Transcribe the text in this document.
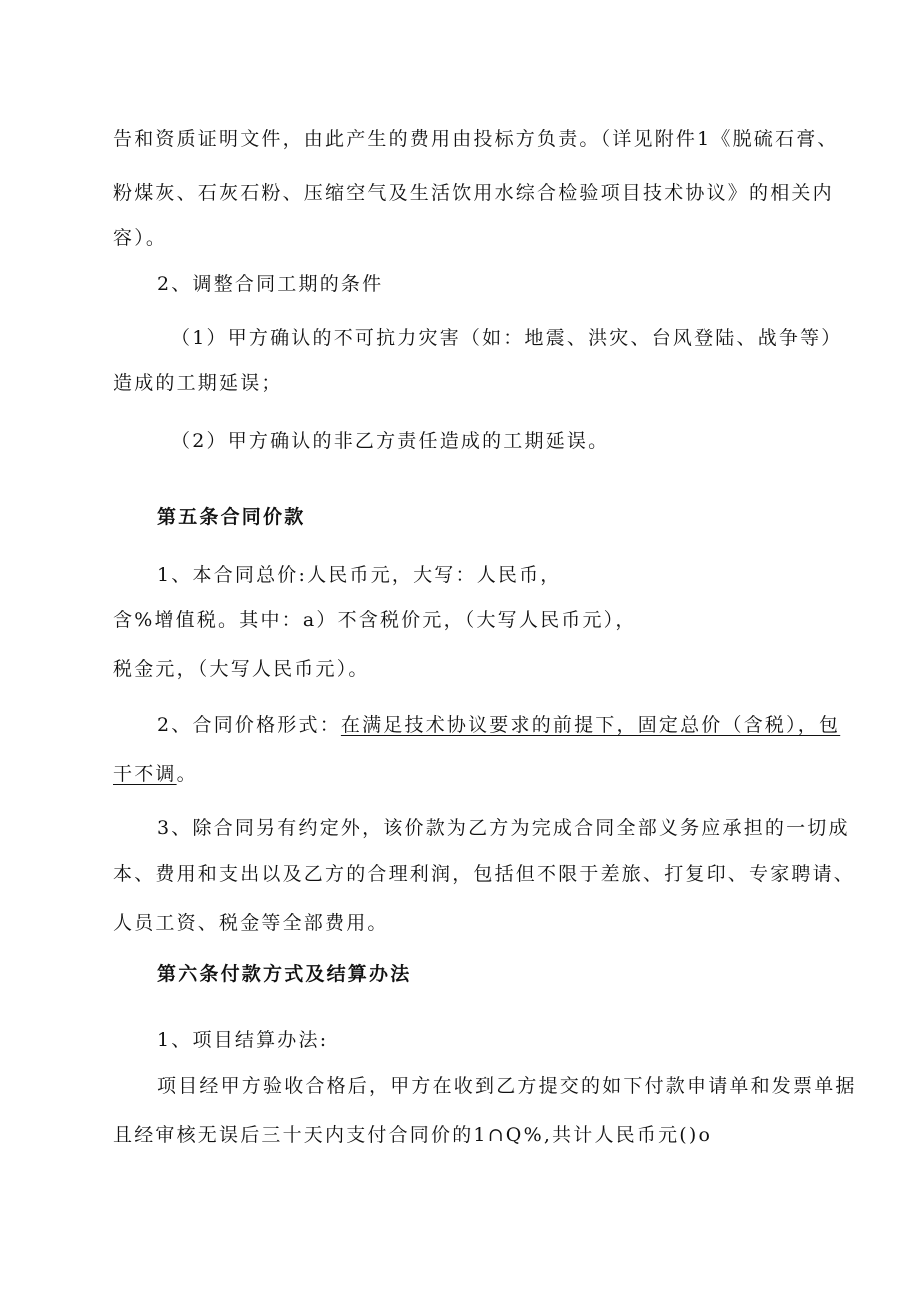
告和资质证明文件，由此产生的费用由投标方负责。（详见附件1《脱硫石膏、
粉煤灰、石灰石粉、压缩空气及生活饮用水综合检验项目技术协议》的相关内
容）。
2、调整合同工期的条件
（1）甲方确认的不可抗力灾害（如：地震、洪灾、台风登陆、战争等）
造成的工期延误；
（2）甲方确认的非乙方责任造成的工期延误。
第五条合同价款
1、本合同总价:人民币元，大写：人民币，
含%增值税。其中：a）不含税价元，（大写人民币元），
税金元，（大写人民币元）。
2、合同价格形式：在满足技术协议要求的前提下，固定总价（含税），包
干不调。
3、除合同另有约定外，该价款为乙方为完成合同全部义务应承担的一切成
本、费用和支出以及乙方的合理利润，包括但不限于差旅、打复印、专家聘请、
人员工资、税金等全部费用。
第六条付款方式及结算办法
1、项目结算办法:
项目经甲方验收合格后，甲方在收到乙方提交的如下付款申请单和发票单据
且经审核无误后三十天内支付合同价的1∩Q%,共计人民币元()o
